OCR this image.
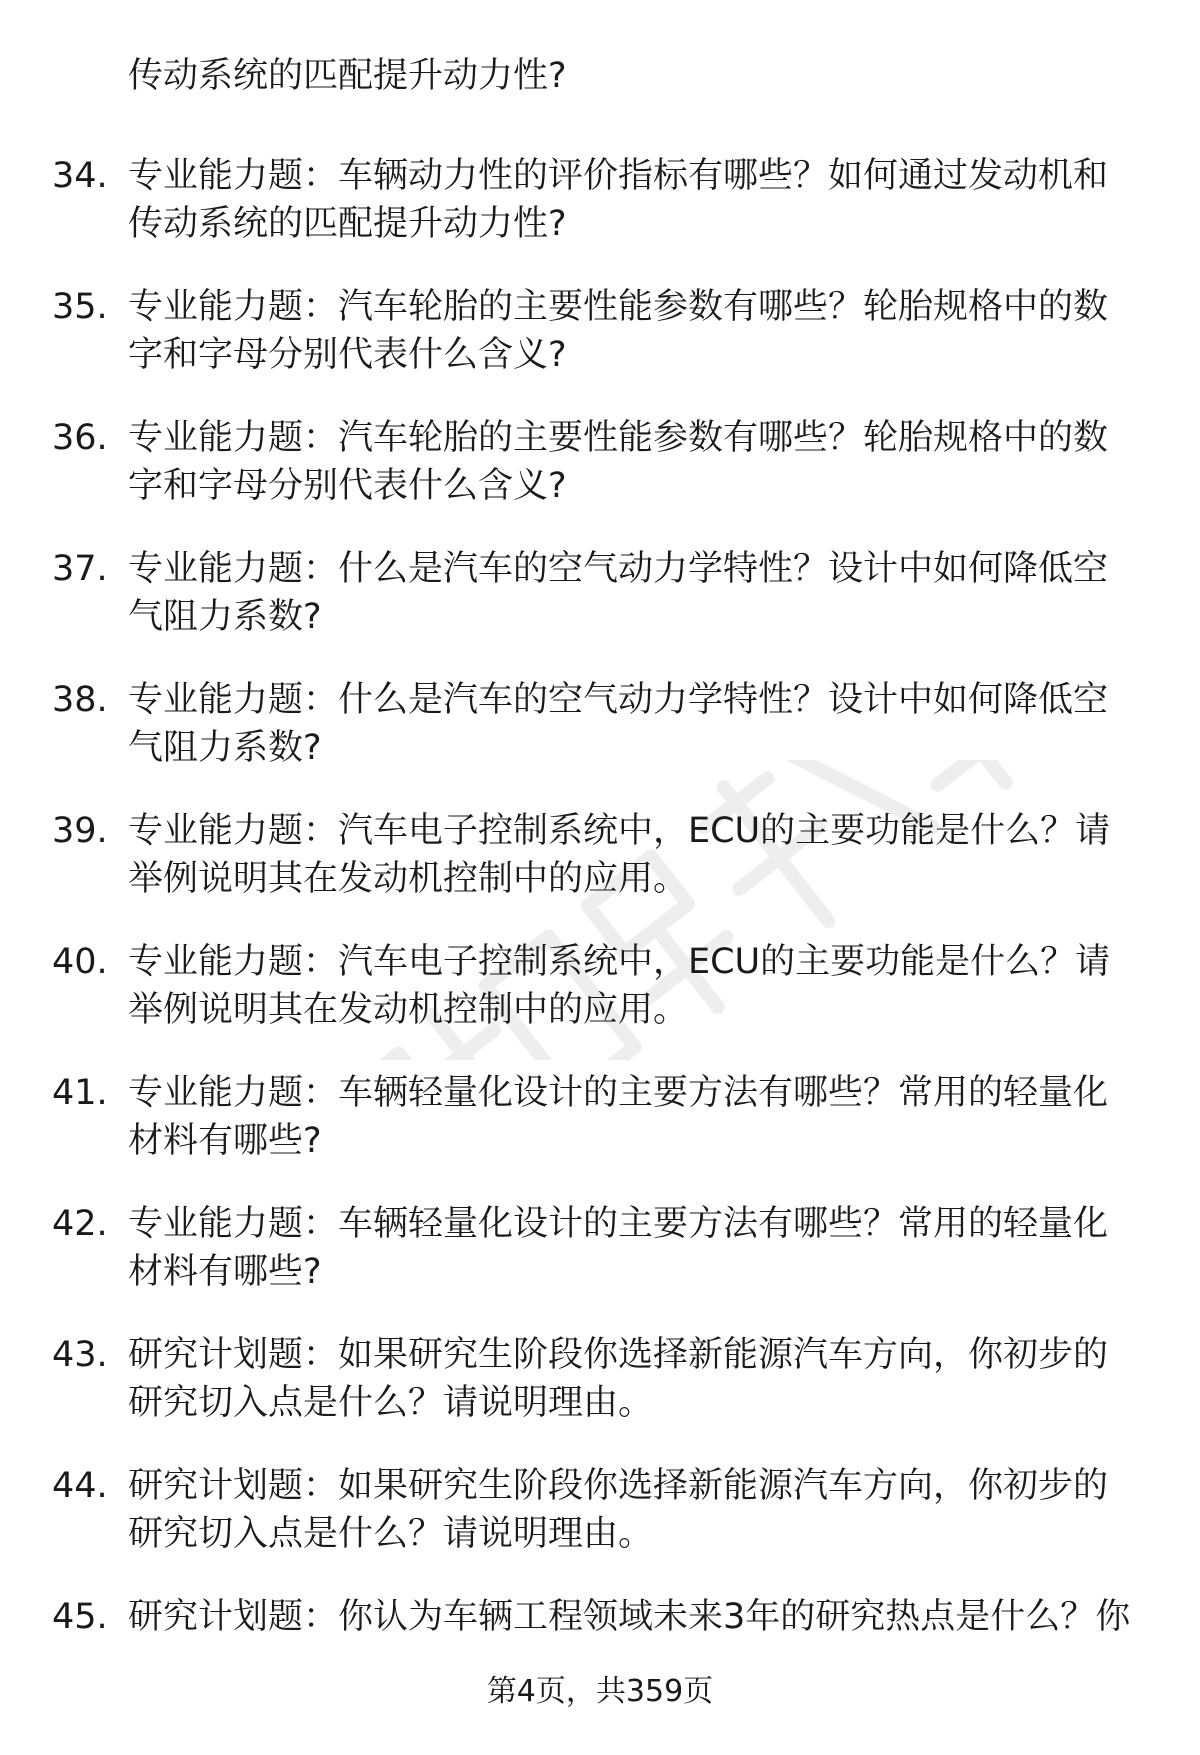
传动系统的匹配提升动力性?
34. 专业能力题：车辆动力性的评价指标有哪些？如何通过发动机和
传动系统的匹配提升动力性?
35. 专业能力题：汽车轮胎的主要性能参数有哪些？轮胎规格中的数
字和字母分别代表什么含义?
36. 专业能力题：汽车轮胎的主要性能参数有哪些？轮胎规格中的数
字和字母分别代表什么含义?
37. 专业能力题：什么是汽车的空气动力学特性？设计中如何降低空
气阻力系数?
38. 专业能力题：什么是汽车的空气动力学特性？设计中如何降低空
气阻力系数?
39. 专业能力题：汽车电子控制系统中，ECU的主要功能是什么？请
举例说明其在发动机控制中的应用。
40. 专业能力题：汽车电子控制系统中，ECU的主要功能是什么？请
举例说明其在发动机控制中的应用。
41. 专业能力题：车辆轻量化设计的主要方法有哪些？常用的轻量化
材料有哪些?
42. 专业能力题：车辆轻量化设计的主要方法有哪些？常用的轻量化
材料有哪些?
43. 研究计划题：如果研究生阶段你选择新能源汽车方向，你初步的
研究切入点是什么？请说明理由。
44. 研究计划题：如果研究生阶段你选择新能源汽车方向，你初步的
研究切入点是什么？请说明理由。
45. 研究计划题：你认为车辆工程领域未来3年的研究热点是什么？你
第4页，共359页
